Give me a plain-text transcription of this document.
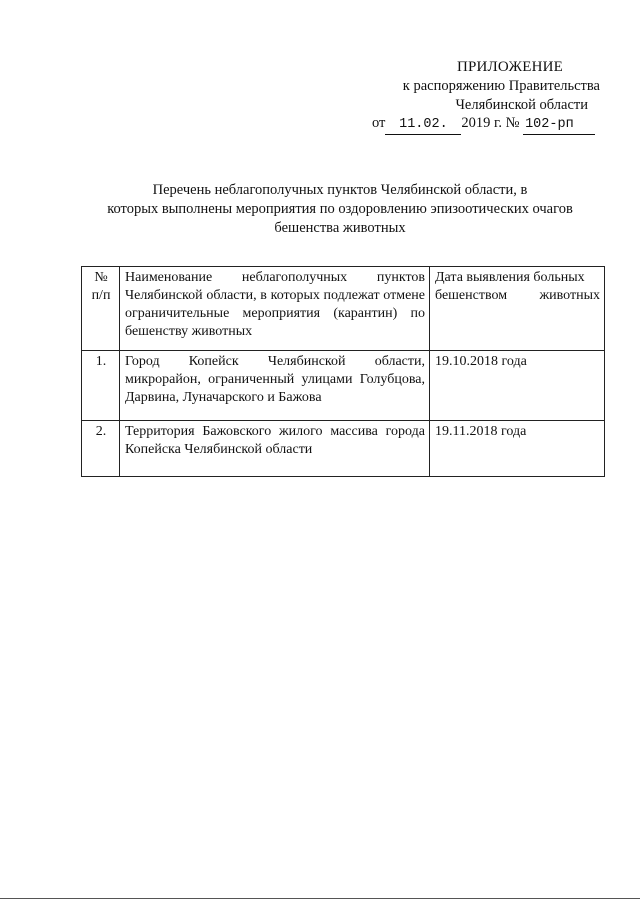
ПРИЛОЖЕНИЕ
к распоряжению Правительства
Челябинской области
от 11.02. 2019 г. № 102-рп
Перечень неблагополучных пунктов Челябинской области, в
которых выполнены мероприятия по оздоровлению эпизоотических очагов
бешенства животных
№ п/п	Наименование неблагополучных пунктов Челябинской области, в которых подлежат отмене ограничительные мероприятия (карантин) по бешенству животных	Дата выявления больных бешенством животных
1.	Город Копейск Челябинской области, микрорайон, ограниченный улицами Голубцова, Дарвина, Луначарского и Бажова	19.10.2018 года
2.	Территория Бажовского жилого массива города Копейска Челябинской области	19.11.2018 года
